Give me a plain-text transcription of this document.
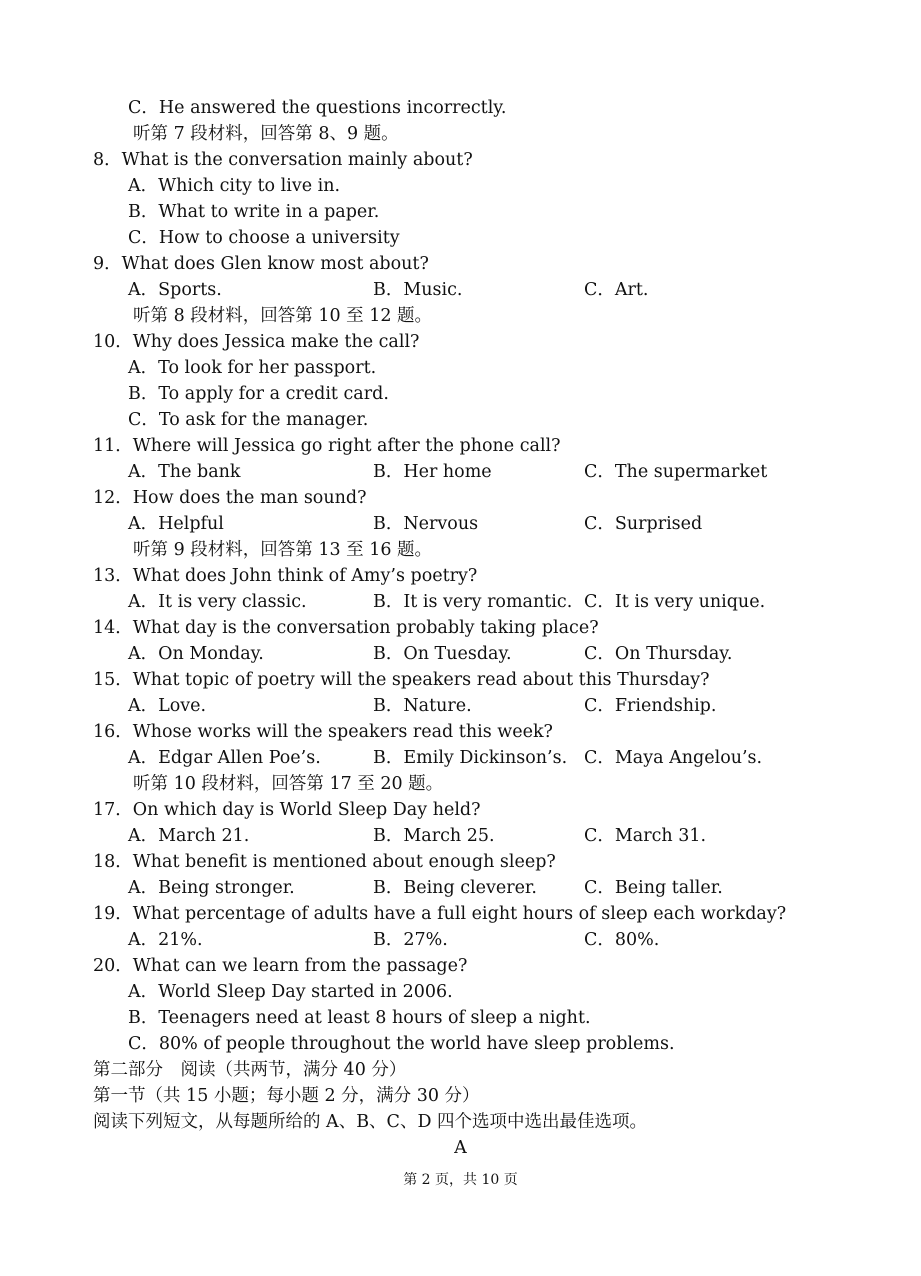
C．He answered the questions incorrectly.
听第 7 段材料，回答第 8、9 题。
8．What is the conversation mainly about?
A．Which city to live in.
B．What to write in a paper.
C．How to choose a university
9．What does Glen know most about?
A．Sports.	B．Music.	C．Art.
听第 8 段材料，回答第 10 至 12 题。
10．Why does Jessica make the call?
A．To look for her passport.
B．To apply for a credit card.
C．To ask for the manager.
11．Where will Jessica go right after the phone call?
A．The bank	B．Her home	C．The supermarket
12．How does the man sound?
A．Helpful	B．Nervous	C．Surprised
听第 9 段材料，回答第 13 至 16 题。
13．What does John think of Amy’s poetry?
A．It is very classic.	B．It is very romantic. C．It is very unique.
14．What day is the conversation probably taking place?
A．On Monday.	B．On Tuesday.	C．On Thursday.
15．What topic of poetry will the speakers read about this Thursday?
A．Love.	B．Nature.	C．Friendship.
16．Whose works will the speakers read this week?
A．Edgar Allen Poe’s.	B．Emily Dickinson’s. C．Maya Angelou’s.
听第 10 段材料，回答第 17 至 20 题。
17．On which day is World Sleep Day held?
A．March 21.	B．March 25.	C．March 31.
18．What benefit is mentioned about enough sleep?
A．Being stronger.	B．Being cleverer.	C．Being taller.
19．What percentage of adults have a full eight hours of sleep each workday?
A．21%.	B．27%.	C．80%.
20．What can we learn from the passage?
A．World Sleep Day started in 2006.
B．Teenagers need at least 8 hours of sleep a night.
C．80% of people throughout the world have sleep problems.
第二部分　阅读（共两节，满分 40 分）
第一节（共 15 小题；每小题 2 分，满分 30 分）
阅读下列短文，从每题所给的 A、B、C、D 四个选项中选出最佳选项。
A
第 2 页，共 10 页
